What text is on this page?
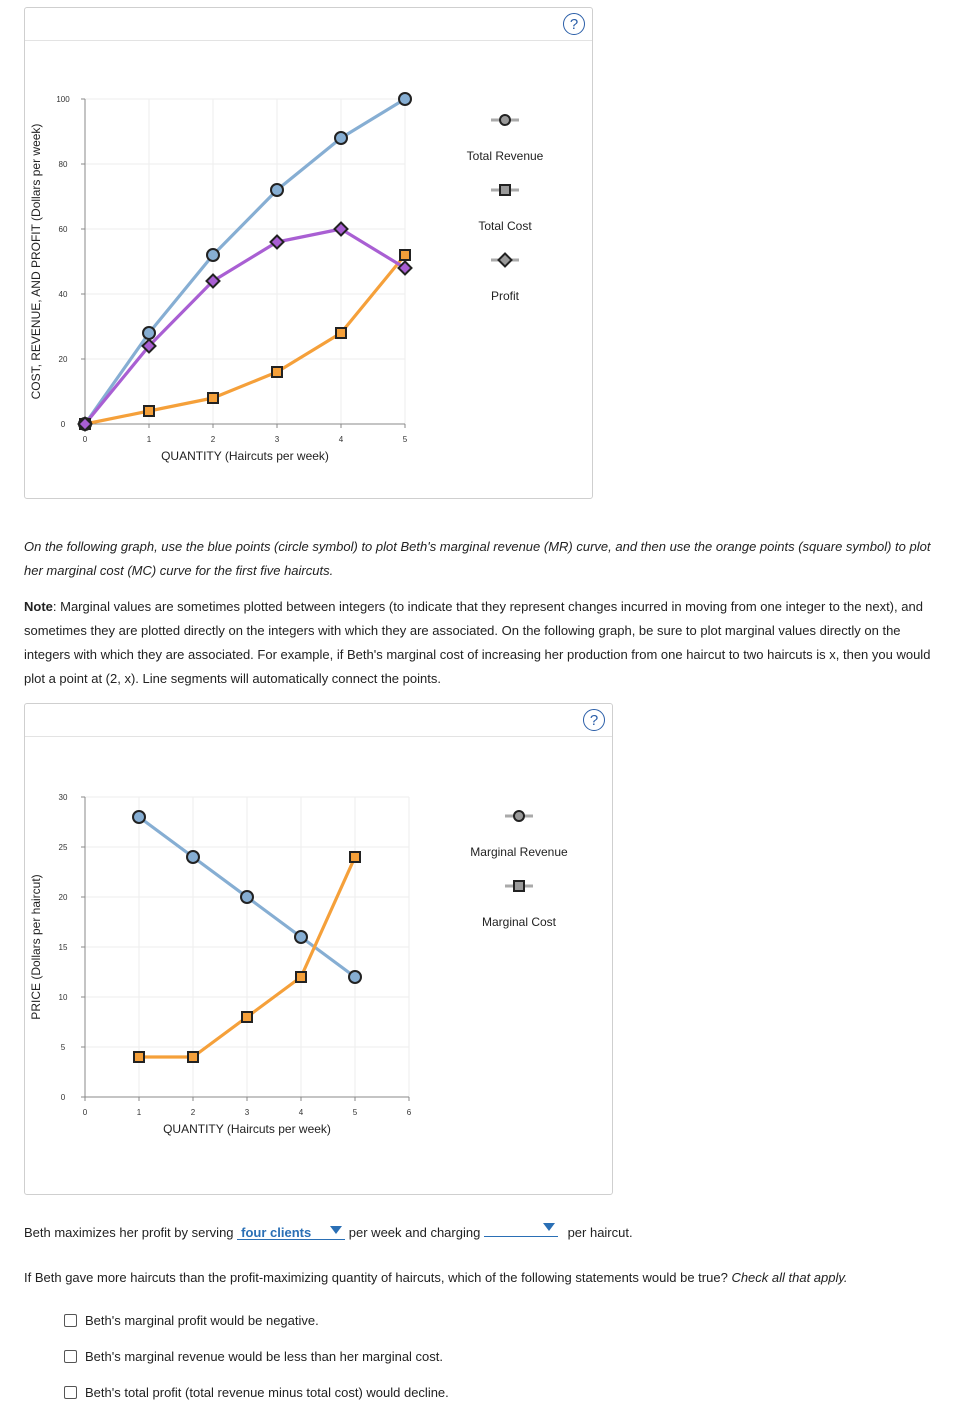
?
0	1	2	3	4	5
0
20
40
60
80
100
QUANTITY (Haircuts per week)
COST, REVENUE, AND PROFIT (Dollars per week)	Total Revenue
Total Cost
Profit
On the following graph, use the blue points (circle symbol) to plot Beth's marginal revenue (MR) curve, and then use the orange points (square symbol) to plot her marginal cost (MC) curve for the first five haircuts.
Note: Marginal values are sometimes plotted between integers (to indicate that they represent changes incurred in moving from one integer to the next), and sometimes they are plotted directly on the integers with which they are associated. On the following graph, be sure to plot marginal values directly on the integers with which they are associated. For example, if Beth's marginal cost of increasing her production from one haircut to two haircuts is x, then you would plot a point at (2, x). Line segments will automatically connect the points.
?
0	1	2	3	4	5	6
0
5
10
15
20
25
30
QUANTITY (Haircuts per week)
PRICE (Dollars per haircut)
Marginal Revenue
Marginal Cost
Beth maximizes her profit by serving four clients	per week and charging	per haircut.
If Beth gave more haircuts than the profit-maximizing quantity of haircuts, which of the following statements would be true? Check all that apply.
Beth's marginal profit would be negative.
Beth's marginal revenue would be less than her marginal cost.
Beth's total profit (total revenue minus total cost) would decline.
